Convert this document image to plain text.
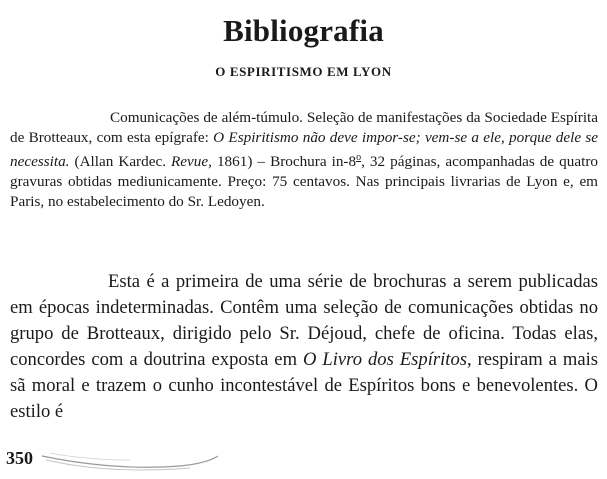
Bibliografia
O ESPIRITISMO EM LYON
Comunicações de além-túmulo. Seleção de manifestações da Sociedade Espírita de Brotteaux, com esta epígrafe: O Espiritismo não deve impor-se; vem-se a ele, porque dele se necessita. (Allan Kardec. Revue, 1861) – Brochura in-8$^o$, 32 páginas, acompanhadas de quatro gravuras obtidas mediunicamente. Preço: 75 centavos. Nas principais livrarias de Lyon e, em Paris, no estabelecimento do Sr. Ledoyen.
Esta é a primeira de uma série de brochuras a serem publicadas em épocas indeterminadas. Contêm uma seleção de comunicações obtidas no grupo de Brotteaux, dirigido pelo Sr. Déjoud, chefe de oficina. Todas elas, concordes com a doutrina exposta em O Livro dos Espíritos, respiram a mais sã moral e trazem o cunho incontestável de Espíritos bons e benevolentes. O estilo é
350
